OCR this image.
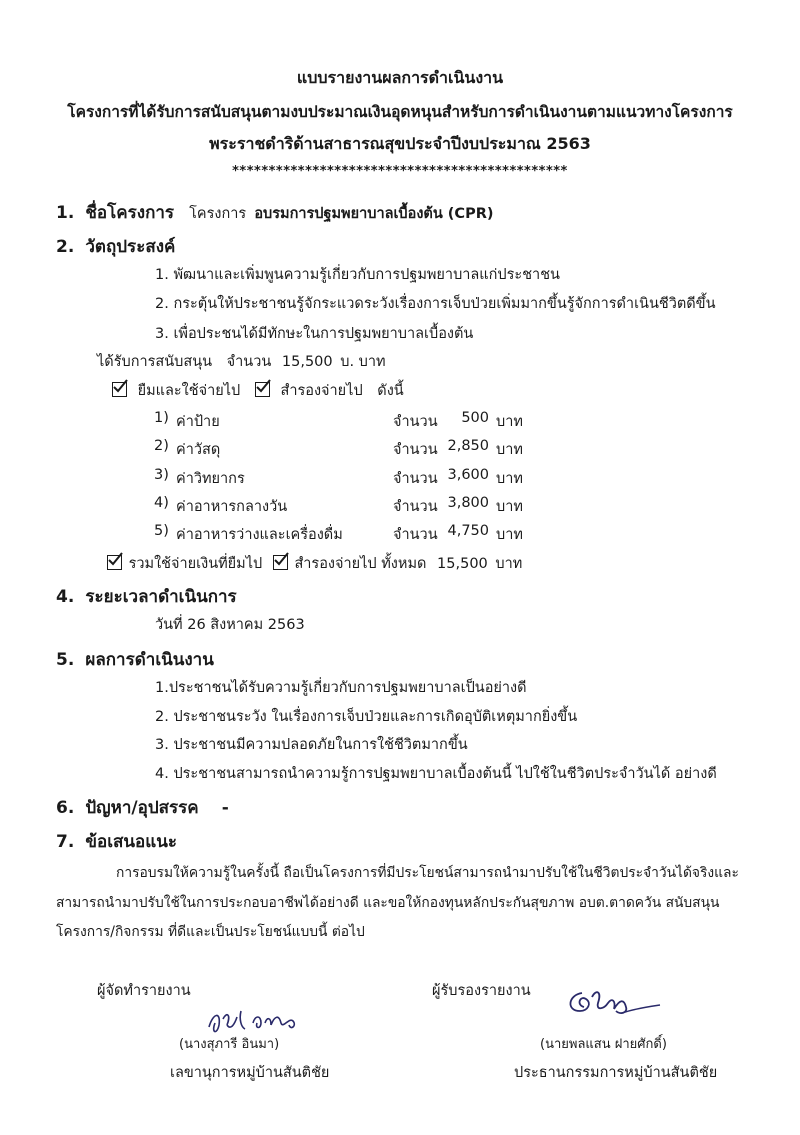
แบบรายงานผลการดำเนินงาน
โครงการที่ได้รับการสนับสนุนตามงบประมาณเงินอุดหนุนสำหรับการดำเนินงานตามแนวทางโครงการ
พระราชดำริด้านสาธารณสุขประจำปีงบประมาณ 2563
**********************************************
1. ชื่อโครงการ โครงการ อบรมการปฐมพยาบาลเบื้องต้น (CPR)
2. วัตถุประสงค์
1. พัฒนาและเพิ่มพูนความรู้เกี่ยวกับการปฐมพยาบาลแก่ประชาชน
2. กระตุ้นให้ประชาชนรู้จักระแวดระวังเรื่องการเจ็บป่วยเพิ่มมากขึ้นรู้จักการดำเนินชีวิตดีขึ้น
3. เพื่อประชนได้มีทักษะในการปฐมพยาบาลเบื้องต้น
ได้รับการสนับสนุน จำนวน 15,500 บ. บาท
ยืมและใช้จ่ายไป	สำรองจ่ายไป ดังนี้
1) ค่าป้าย	จำนวน	500 บาท
2) ค่าวัสดุ	จำนวน 2,850 บาท
3) ค่าวิทยากร	จำนวน 3,600 บาท
4) ค่าอาหารกลางวัน	จำนวน 3,800 บาท
5) ค่าอาหารว่างและเครื่องดื่ม	จำนวน 4,750 บาท
รวมใช้จ่ายเงินที่ยืมไป สำรองจ่ายไป ทั้งหมด 15,500 บาท
4. ระยะเวลาดำเนินการ
วันที่ 26 สิงหาคม 2563
5. ผลการดำเนินงาน
1.ประชาชนได้รับความรู้เกี่ยวกับการปฐมพยาบาลเป็นอย่างดี
2. ประชาชนระวัง ในเรื่องการเจ็บป่วยและการเกิดอุบัติเหตุมากยิ่งขึ้น
3. ประชาชนมีความปลอดภัยในการใช้ชีวิตมากขึ้น
4. ประชาชนสามารถนำความรู้การปฐมพยาบาลเบื้องต้นนี้ ไปใช้ในชีวิตประจำวันได้ อย่างดี
6. ปัญหา/อุปสรรค -
7. ข้อเสนอแนะ
การอบรมให้ความรู้ในครั้งนี้ ถือเป็นโครงการที่มีประโยชน์สามารถนำมาปรับใช้ในชีวิตประจำวันได้จริงและ
สามารถนำมาปรับใช้ในการประกอบอาชีพได้อย่างดี และขอให้กองทุนหลักประกันสุขภาพ อบต.ตาดควัน สนับสนุน
โครงการ/กิจกรรม ที่ดีและเป็นประโยชน์แบบนี้ ต่อไป
ผู้จัดทำรายงาน	ผู้รับรองรายงาน
(นางสุภารี อินมา)
เลขานุการหมู่บ้านสันติชัย
(นายพลแสน ฝายศักดิ์)
ประธานกรรมการหมู่บ้านสันติชัย
